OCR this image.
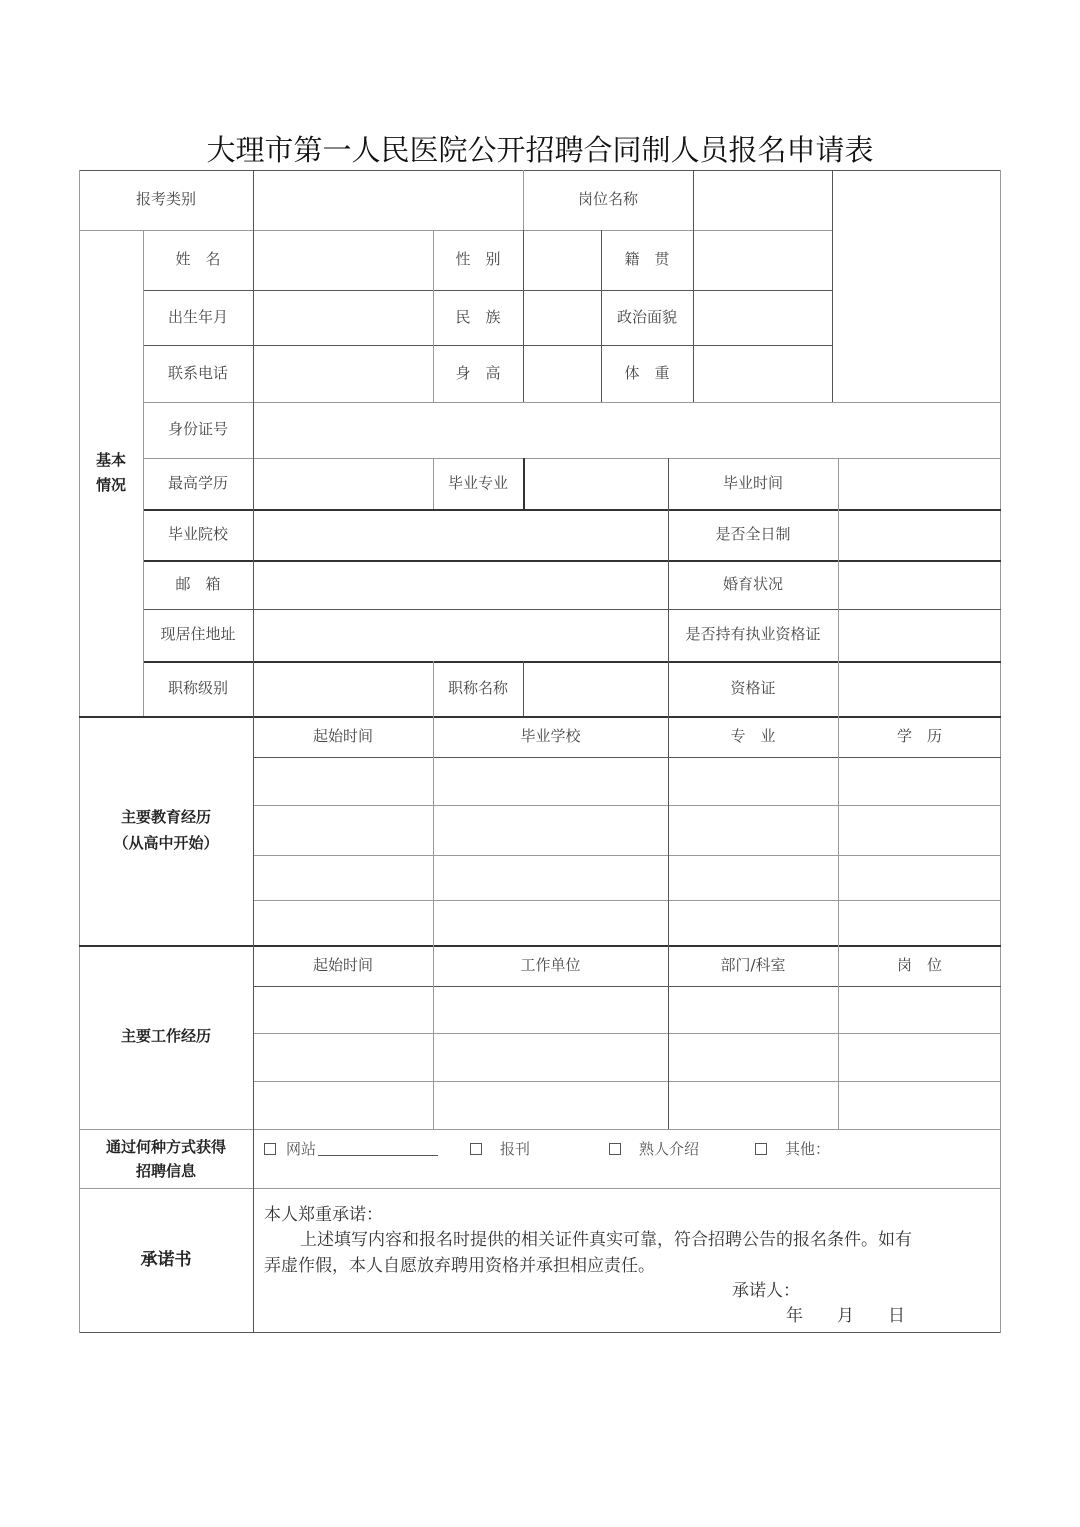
大理市第一人民医院公开招聘合同制人员报名申请表
报考类别	岗位名称
基本
情况
姓　名	性　别	籍　贯
出生年月	民　族	政治面貌
联系电话	身　高	体　重
身份证号
最高学历	毕业专业	毕业时间
毕业院校	是否全日制
邮　箱	婚育状况
现居住地址	是否持有执业资格证
职称级别	职称名称	资格证
主要教育经历
（从高中开始）
起始时间	毕业学校	专　业	学　历
主要工作经历
起始时间	工作单位	部门/科室	岗　位
通过何种方式获得
招聘信息
网站	报刊	熟人介绍	其他：
承诺书
本人郑重承诺：
上述填写内容和报名时提供的相关证件真实可靠，符合招聘公告的报名条件。如有
弄虚作假，本人自愿放弃聘用资格并承担相应责任。
承诺人：
年　　月　　日
